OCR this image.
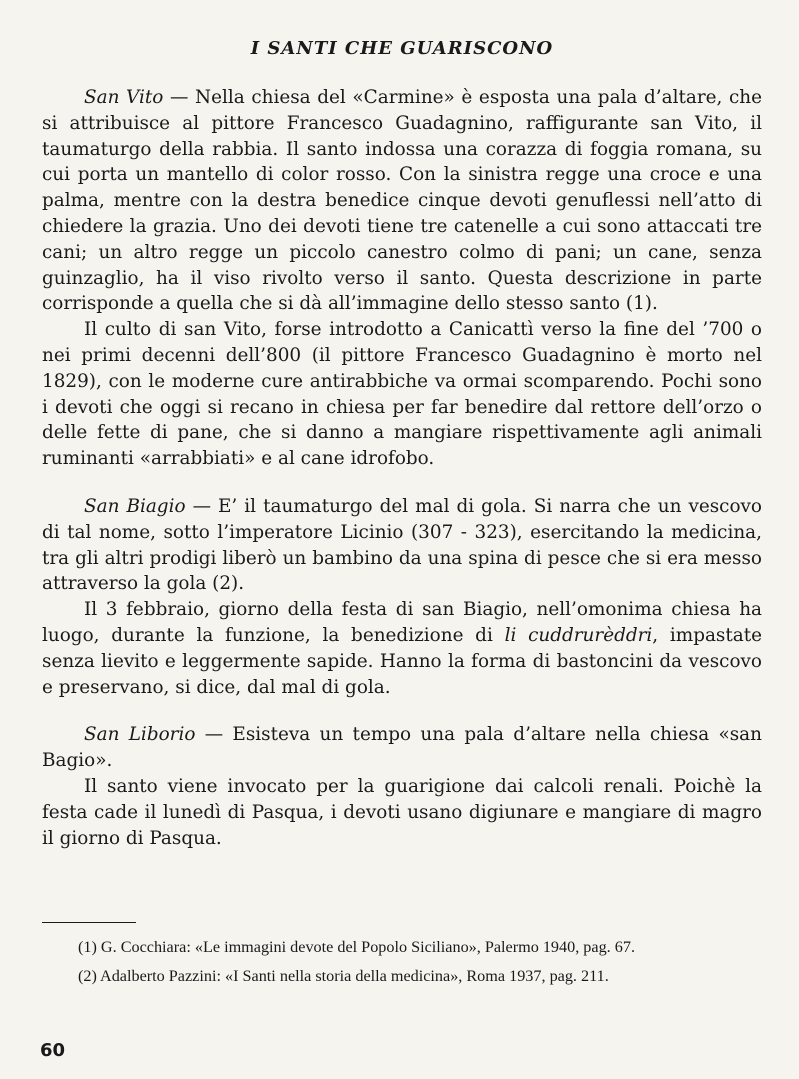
I SANTI CHE GUARISCONO

San Vito — Nella chiesa del «Carmine» è esposta una pala d’altare, che si attribuisce al pittore Francesco Guadagnino, raffigurante san Vito, il taumaturgo della rabbia. Il santo indossa una corazza di foggia romana, su cui porta un mantello di color rosso. Con la sinistra regge una croce e una palma, mentre con la destra benedice cinque devoti genuflessi nell’atto di chiedere la grazia. Uno dei devoti tiene tre catenelle a cui sono attaccati tre cani; un altro regge un piccolo canestro colmo di pani; un cane, senza guinzaglio, ha il viso rivolto verso il santo. Questa descrizione in parte corrisponde a quella che si dà all’immagine dello stesso santo (1).

Il culto di san Vito, forse introdotto a Canicattì verso la fine del ’700 o nei primi decenni dell’800 (il pittore Francesco Guadagnino è morto nel 1829), con le moderne cure antirabbiche va ormai scomparendo. Pochi sono i devoti che oggi si recano in chiesa per far benedire dal rettore dell’orzo o delle fette di pane, che si danno a mangiare rispettivamente agli animali ruminanti «arrabbiati» e al cane idrofobo.

San Biagio — E’ il taumaturgo del mal di gola. Si narra che un vescovo di tal nome, sotto l’imperatore Licinio (307 - 323), esercitando la medicina, tra gli altri prodigi liberò un bambino da una spina di pesce che si era messo attraverso la gola (2).

Il 3 febbraio, giorno della festa di san Biagio, nell’omonima chiesa ha luogo, durante la funzione, la benedizione di li cuddrurèddri, impastate senza lievito e leggermente sapide. Hanno la forma di bastoncini da vescovo e preservano, si dice, dal mal di gola.

San Liborio — Esisteva un tempo una pala d’altare nella chiesa «san Bagio».

Il santo viene invocato per la guarigione dai calcoli renali. Poichè la festa cade il lunedì di Pasqua, i devoti usano digiunare e mangiare di magro il giorno di Pasqua.

(1) G. Cocchiara: «Le immagini devote del Popolo Siciliano», Palermo 1940, pag. 67.

(2) Adalberto Pazzini: «I Santi nella storia della medicina», Roma 1937, pag. 211.

60
